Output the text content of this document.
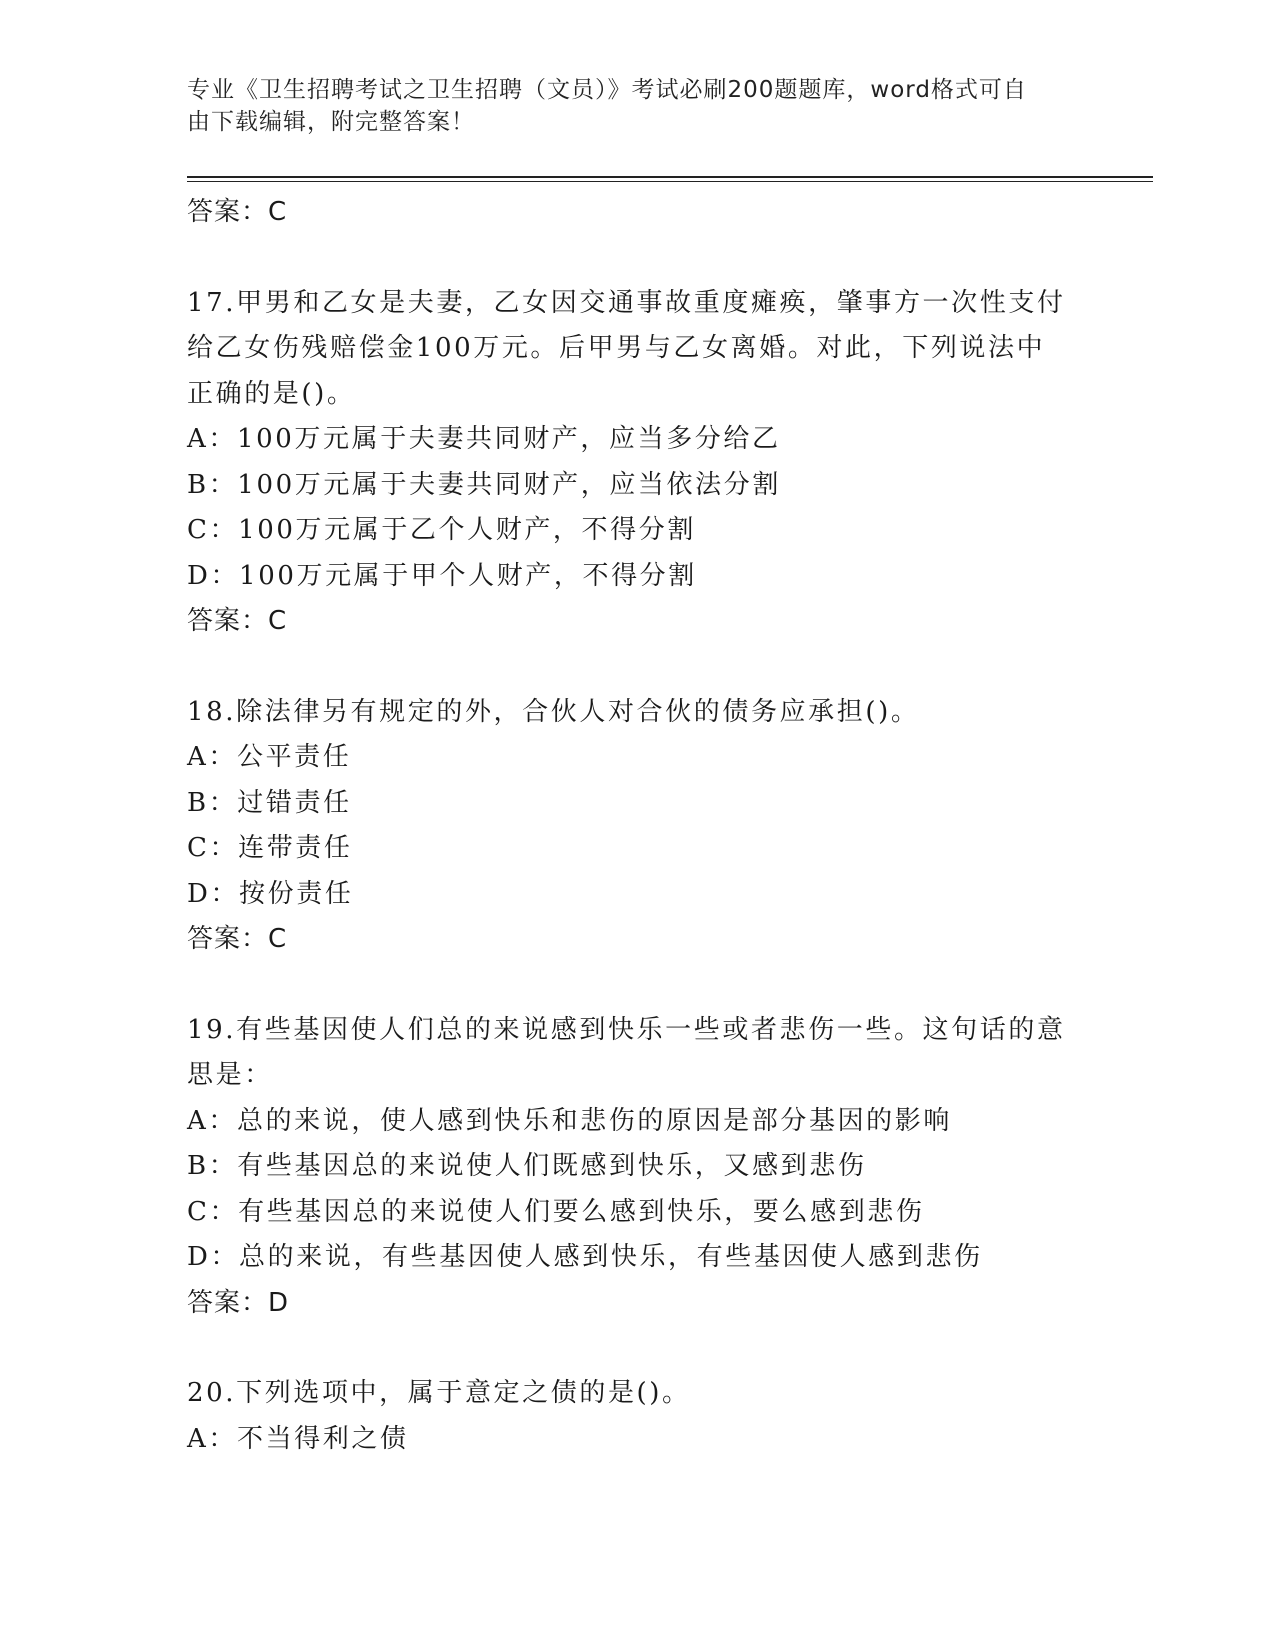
专业《卫生招聘考试之卫生招聘（文员）》考试必刷200题题库，word格式可自
由下载编辑，附完整答案！
答案：C
17.甲男和乙女是夫妻，乙女因交通事故重度瘫痪，肇事方一次性支付
给乙女伤残赔偿金100万元。后甲男与乙女离婚。对此，下列说法中
正确的是()。
A：100万元属于夫妻共同财产，应当多分给乙
B：100万元属于夫妻共同财产，应当依法分割
C：100万元属于乙个人财产，不得分割
D：100万元属于甲个人财产，不得分割
答案：C
18.除法律另有规定的外，合伙人对合伙的债务应承担()。
A：公平责任
B：过错责任
C：连带责任
D：按份责任
答案：C
19.有些基因使人们总的来说感到快乐一些或者悲伤一些。这句话的意
思是：
A：总的来说，使人感到快乐和悲伤的原因是部分基因的影响
B：有些基因总的来说使人们既感到快乐，又感到悲伤
C：有些基因总的来说使人们要么感到快乐，要么感到悲伤
D：总的来说，有些基因使人感到快乐，有些基因使人感到悲伤
答案：D
20.下列选项中，属于意定之债的是()。
A：不当得利之债
